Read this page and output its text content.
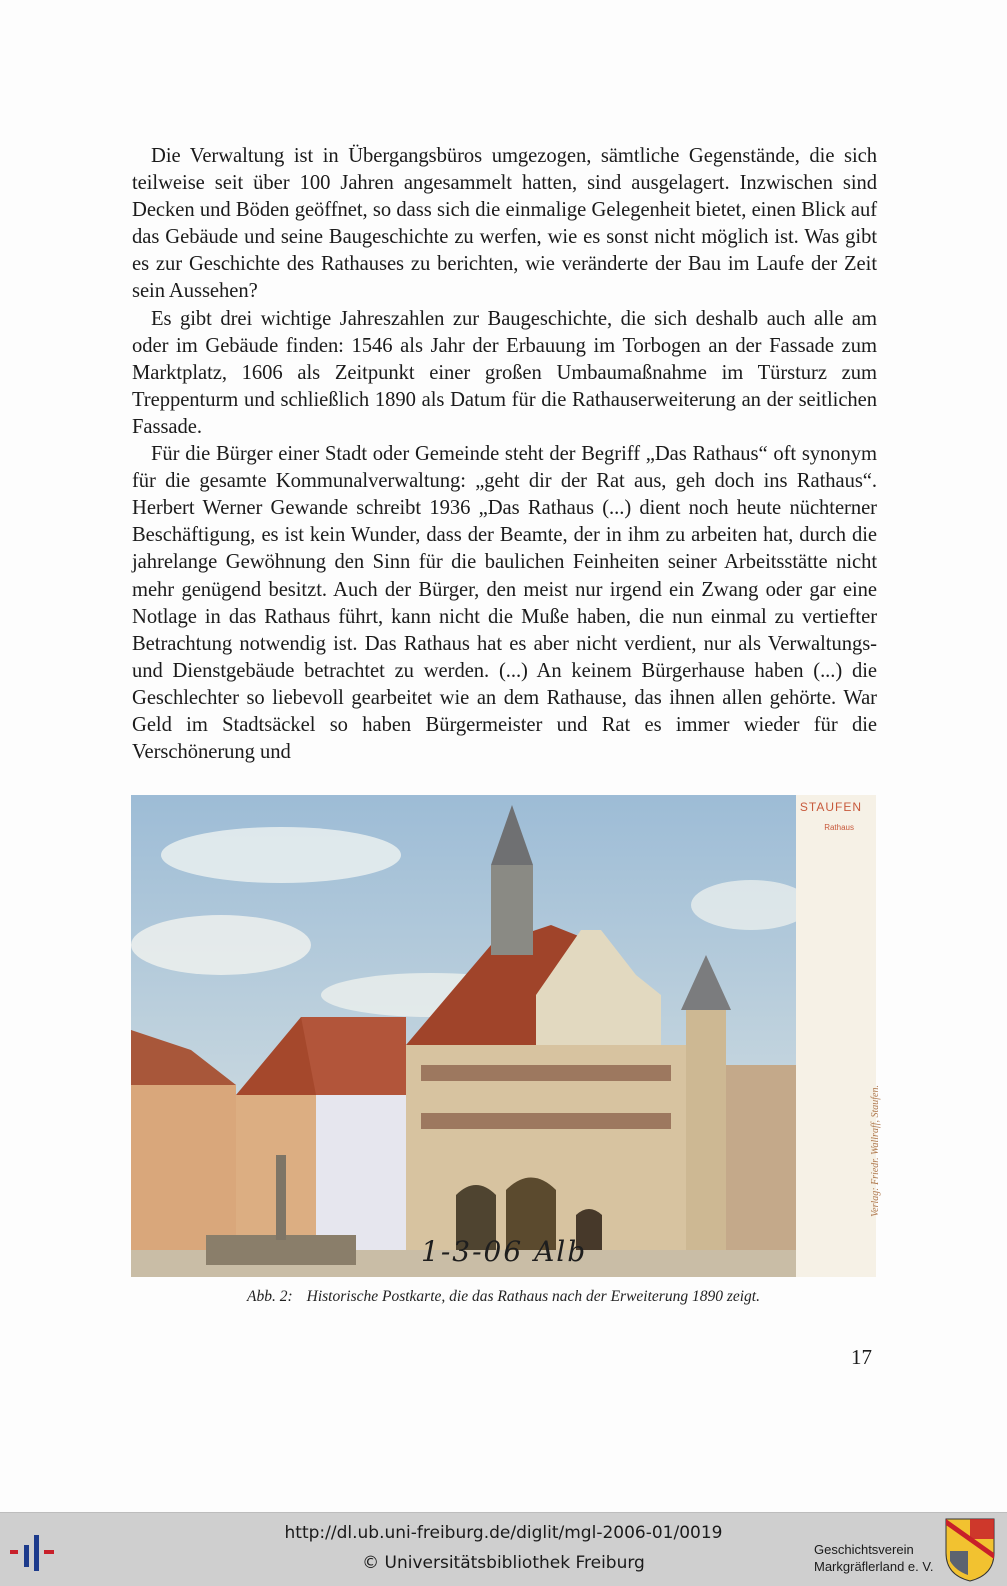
Die Verwaltung ist in Übergangsbüros umgezogen, sämtliche Gegenstände, die sich teilweise seit über 100 Jahren angesammelt hatten, sind ausgelagert. Inzwischen sind Decken und Böden geöffnet, so dass sich die einmalige Gelegenheit bietet, einen Blick auf das Gebäude und seine Baugeschichte zu werfen, wie es sonst nicht möglich ist. Was gibt es zur Geschichte des Rathauses zu berichten, wie veränderte der Bau im Laufe der Zeit sein Aussehen?

Es gibt drei wichtige Jahreszahlen zur Baugeschichte, die sich deshalb auch alle am oder im Gebäude finden: 1546 als Jahr der Erbauung im Torbogen an der Fassade zum Marktplatz, 1606 als Zeitpunkt einer großen Umbaumaßnahme im Türsturz zum Treppenturm und schließlich 1890 als Datum für die Rathauserweiterung an der seitlichen Fassade.

Für die Bürger einer Stadt oder Gemeinde steht der Begriff „Das Rathaus“ oft synonym für die gesamte Kommunalverwaltung: „geht dir der Rat aus, geh doch ins Rathaus“. Herbert Werner Gewande schreibt 1936 „Das Rathaus (...) dient noch heute nüchterner Beschäftigung, es ist kein Wunder, dass der Beamte, der in ihm zu arbeiten hat, durch die jahrelange Gewöhnung den Sinn für die baulichen Feinheiten seiner Arbeitsstätte nicht mehr genügend besitzt. Auch der Bürger, den meist nur irgend ein Zwang oder gar eine Notlage in das Rathaus führt, kann nicht die Muße haben, die nun einmal zu vertiefter Betrachtung notwendig ist. Das Rathaus hat es aber nicht verdient, nur als Verwaltungs- und Dienstgebäude betrachtet zu werden. (...) An keinem Bürgerhause haben (...) die Geschlechter so liebevoll gearbeitet wie an dem Rathause, das ihnen allen gehörte. War Geld im Stadtsäckel so haben Bürgermeister und Rat es immer wieder für die Verschönerung und

STAUFEN
Rathaus
Verlag: Friedr. Wallraff, Staufen.
1-3-06 Alb
Abb. 2: Historische Postkarte, die das Rathaus nach der Erweiterung 1890 zeigt.
17
http://dl.ub.uni-freiburg.de/diglit/mgl-2006-01/0019
© Universitätsbibliothek Freiburg
Geschichtsverein
Markgräflerland e. V.
